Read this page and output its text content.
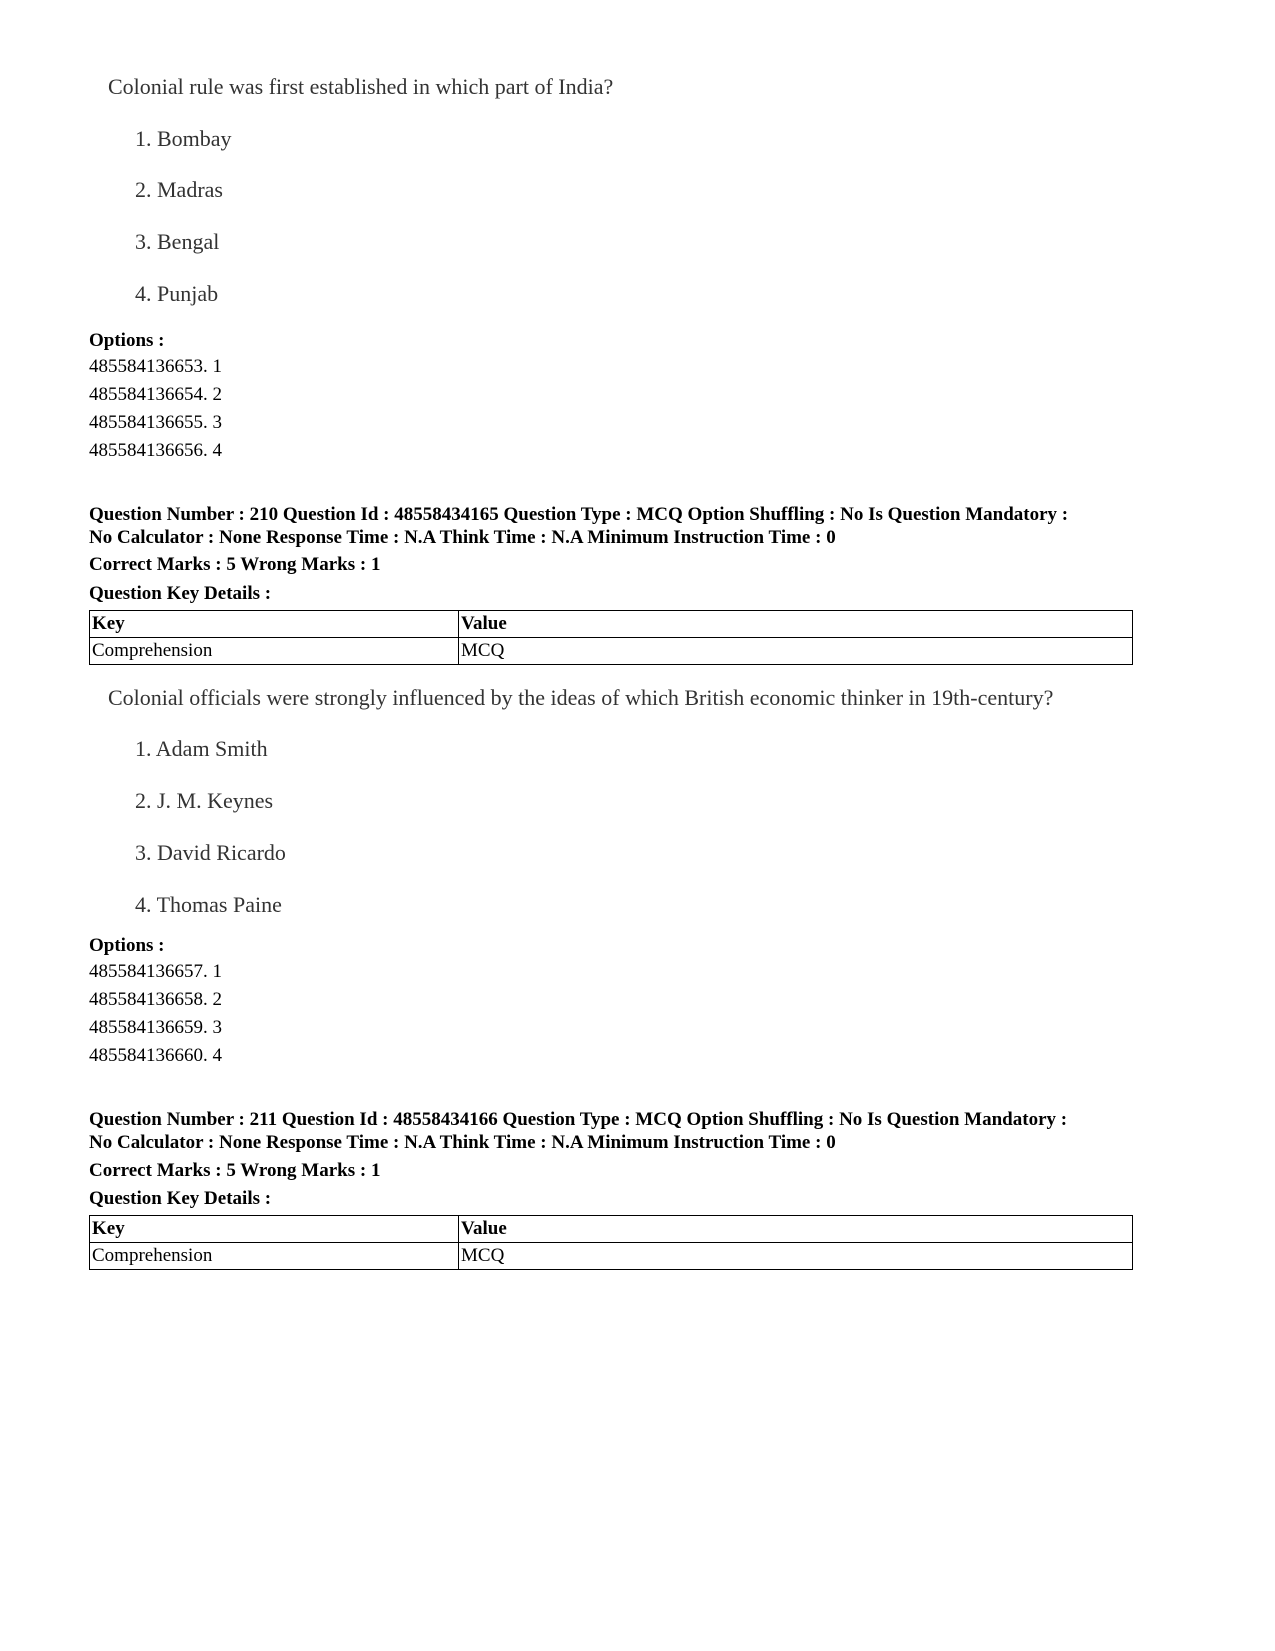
Colonial rule was first established in which part of India?
1. Bombay
2. Madras
3. Bengal
4. Punjab
Options :
485584136653. 1
485584136654. 2
485584136655. 3
485584136656. 4
Question Number : 210 Question Id : 48558434165 Question Type : MCQ Option Shuffling : No Is Question Mandatory :
No Calculator : None Response Time : N.A Think Time : N.A Minimum Instruction Time : 0
Correct Marks : 5 Wrong Marks : 1
Question Key Details :
Key	Value
Comprehension	MCQ
Colonial officials were strongly influenced by the ideas of which British economic thinker in 19th-century?
1. Adam Smith
2. J. M. Keynes
3. David Ricardo
4. Thomas Paine
Options :
485584136657. 1
485584136658. 2
485584136659. 3
485584136660. 4
Question Number : 211 Question Id : 48558434166 Question Type : MCQ Option Shuffling : No Is Question Mandatory :
No Calculator : None Response Time : N.A Think Time : N.A Minimum Instruction Time : 0
Correct Marks : 5 Wrong Marks : 1
Question Key Details :
Key	Value
Comprehension	MCQ
